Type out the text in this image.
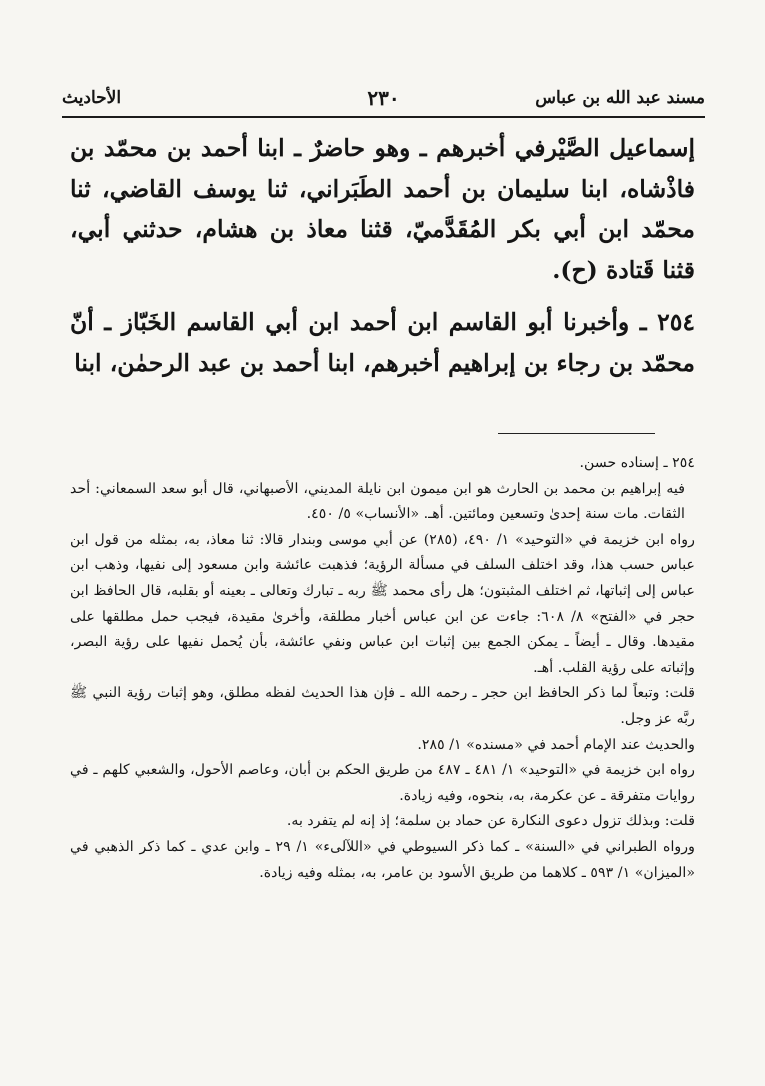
مسند عبد الله بن عباس
٢٣٠
الأحاديث

إسماعيل الصَّيْرفي أخبرهم ـ وهو حاضرٌ ـ ابنا أحمد بن محمّد بن فاذْشاه، ابنا سليمان بن أحمد الطَبَراني، ثنا يوسف القاضي، ثنا محمّد ابن أبي بكر المُقَدَّميّ، قثنا معاذ بن هشام، حدثني أبي، قثنا قَتادة (ح).

٢٥٤ ـ وأخبرنا أبو القاسم ابن أحمد ابن أبي القاسم الخَبّاز ـ أنّ محمّد بن رجاء بن إبراهيم أخبرهم، ابنا أحمد بن عبد الرحمٰن، ابنا

٢٥٤ ـ إسناده حسن.

فيه إبراهيم بن محمد بن الحارث هو ابن ميمون ابن نايلة المديني، الأصبهاني، قال أبو سعد السمعاني: أحد الثقات. مات سنة إحدىٰ وتسعين ومائتين. أهـ. «الأنساب» ٥/ ٤٥٠.

رواه ابن خزيمة في «التوحيد» ١/ ٤٩٠، (٢٨٥) عن أبي موسى وبندار قالا: ثنا معاذ، به، بمثله من قول ابن عباس حسب هذا، وقد اختلف السلف في مسألة الرؤية؛ فذهبت عائشة وابن مسعود إلى نفيها، وذهب ابن عباس إلى إثباتها، ثم اختلف المثبتون؛ هل رأى محمد ﷺ ربه ـ تبارك وتعالى ـ بعينه أو بقلبه، قال الحافظ ابن حجر في «الفتح» ٨/ ٦٠٨: جاءت عن ابن عباس أخبار مطلقة، وأخرىٰ مقيدة، فيجب حمل مطلقها على مقيدها. وقال ـ أيضاً ـ يمكن الجمع بين إثبات ابن عباس ونفي عائشة، بأن يُحمل نفيها على رؤية البصر، وإثباته على رؤية القلب. أهـ.

قلت: وتبعاً لما ذكر الحافظ ابن حجر ـ رحمه الله ـ فإن هذا الحديث لفظه مطلق، وهو إثبات رؤية النبي ﷺ ربَّه عز وجل.

والحديث عند الإمام أحمد في «مسنده» ١/ ٢٨٥.

رواه ابن خزيمة في «التوحيد» ١/ ٤٨١ ـ ٤٨٧ من طريق الحكم بن أبان، وعاصم الأحول، والشعبي كلهم ـ في روايات متفرقة ـ عن عكرمة، به، بنحوه، وفيه زيادة.

قلت: وبذلك تزول دعوى النكارة عن حماد بن سلمة؛ إذ إنه لم يتفرد به.

ورواه الطبراني في «السنة» ـ كما ذكر السيوطي في «اللآلىء» ١/ ٢٩ ـ وابن عدي ـ كما ذكر الذهبي في «الميزان» ١/ ٥٩٣ ـ كلاهما من طريق الأسود بن عامر، به، بمثله وفيه زيادة.
